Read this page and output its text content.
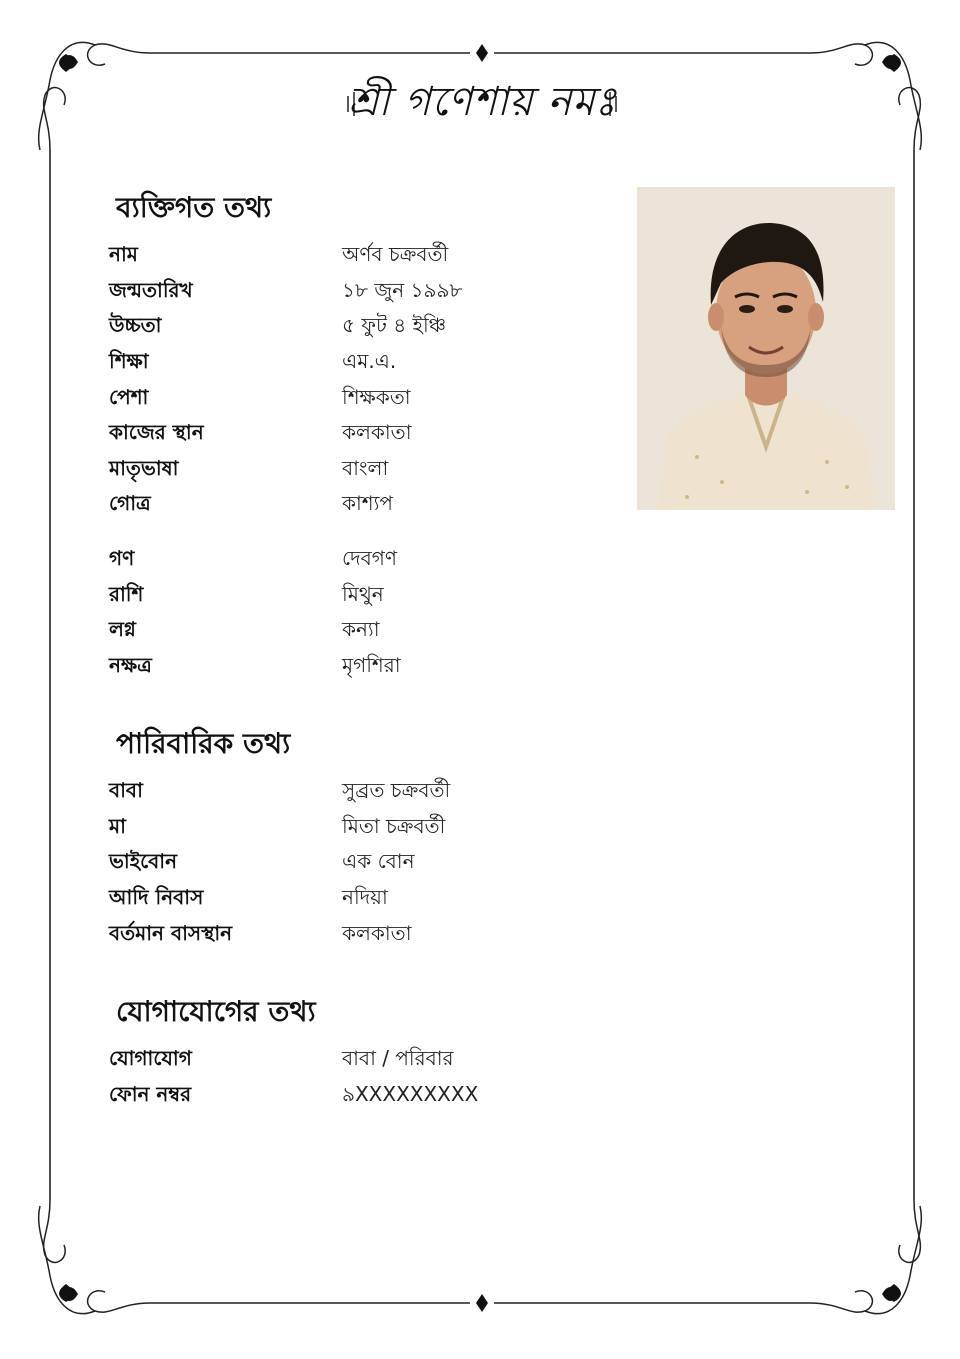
শ্রী গণেশায় নমঃ
ব্যক্তিগত তথ্য
নাম	অর্ণব চক্রবর্তী
জন্মতারিখ	১৮ জুন ১৯৯৮
উচ্চতা	৫ ফুট ৪ ইঞ্চি
শিক্ষা	এম.এ.
পেশা	শিক্ষকতা
কাজের স্থান	কলকাতা
মাতৃভাষা	বাংলা
গোত্র	কাশ্যপ
গণ	দেবগণ
রাশি	মিথুন
লগ্ন	কন্যা
নক্ষত্র	মৃগশিরা
পারিবারিক তথ্য
বাবা	সুব্রত চক্রবর্তী
মা	মিতা চক্রবর্তী
ভাইবোন	এক বোন
আদি নিবাস	নদিয়া
বর্তমান বাসস্থান	কলকাতা
যোগাযোগের তথ্য
যোগাযোগ	বাবা / পরিবার
ফোন নম্বর	৯XXXXXXXXX
